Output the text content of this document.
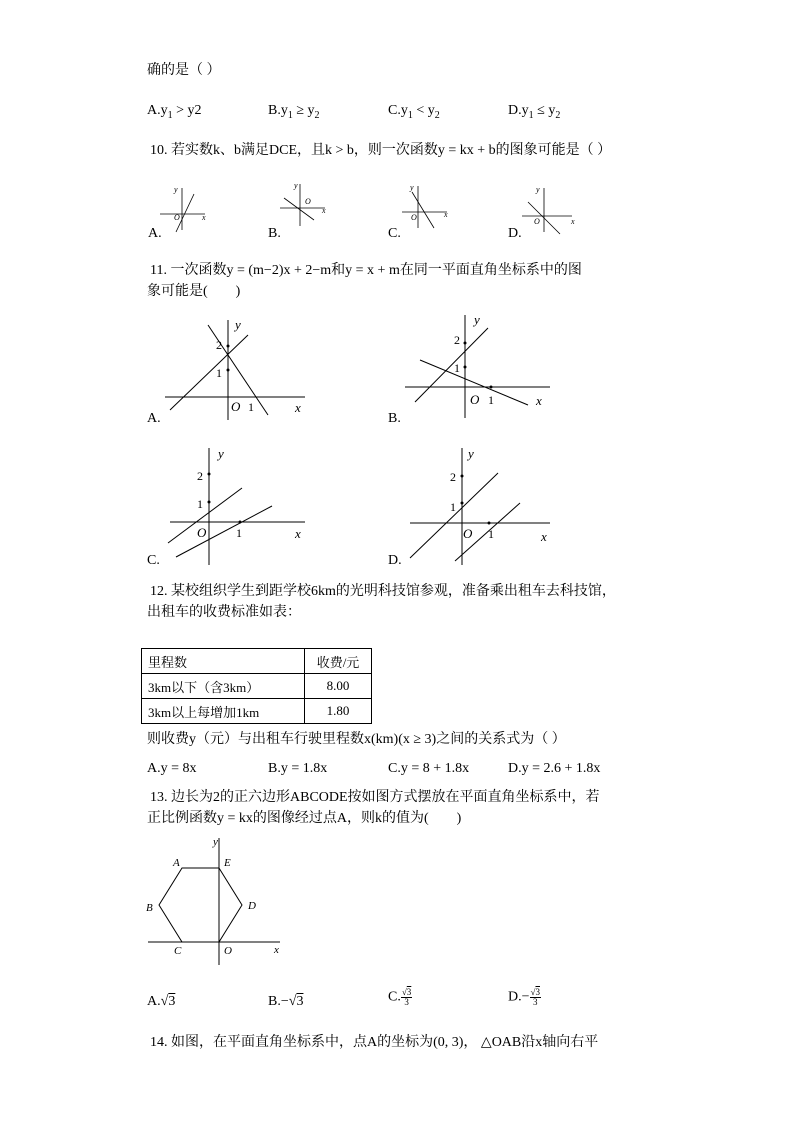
确的是（ ）
$A.y_1 > y2$	$B.y_1 \ge y_2$	$C.y_1 < y_2$	$D.y_1 \le y_2$
10. 若实数k、b满足DCE，且k > b，则一次函数y = kx + b的图象可能是（ ）
y
x
O
A.
y
x
O
B.
y
x
O
C.
y
x
O
D.
11. 一次函数y = (m−2)x + 2−m和y = x + m在同一平面直角坐标系中的图
象可能是(　　)
y
x
O 1
2
1
A.
y
x
O 1
2
1
B.
y
x
O 1
2
1
C.
y
x
O 1
2
1
D.
12. 某校组织学生到距学校6km的光明科技馆参观，准备乘出租车去科技馆，
出租车的收费标准如表：
里程数	收费/元
3km以下（含3km）	8.00
3km以上每增加1km	1.80
则收费y（元）与出租车行驶里程数x(km)(x ≥ 3)之间的关系式为（ ）
A.y = 8x	B.y = 1.8x	C.y = 8 + 1.8x	D.y = 2.6 + 1.8x
13. 边长为2的正六边形ABCODE按如图方式摆放在平面直角坐标系中，若
正比例函数y = kx的图像经过点A，则k的值为(　　)
y
x
A
B
C	O
D
E
A.√3	B.−√3	C. $\frac{√3}{3}$	$D.- \frac{√3}{3}$
14. 如图，在平面直角坐标系中，点A的坐标为(0, 3)， △OAB沿x轴向右平
